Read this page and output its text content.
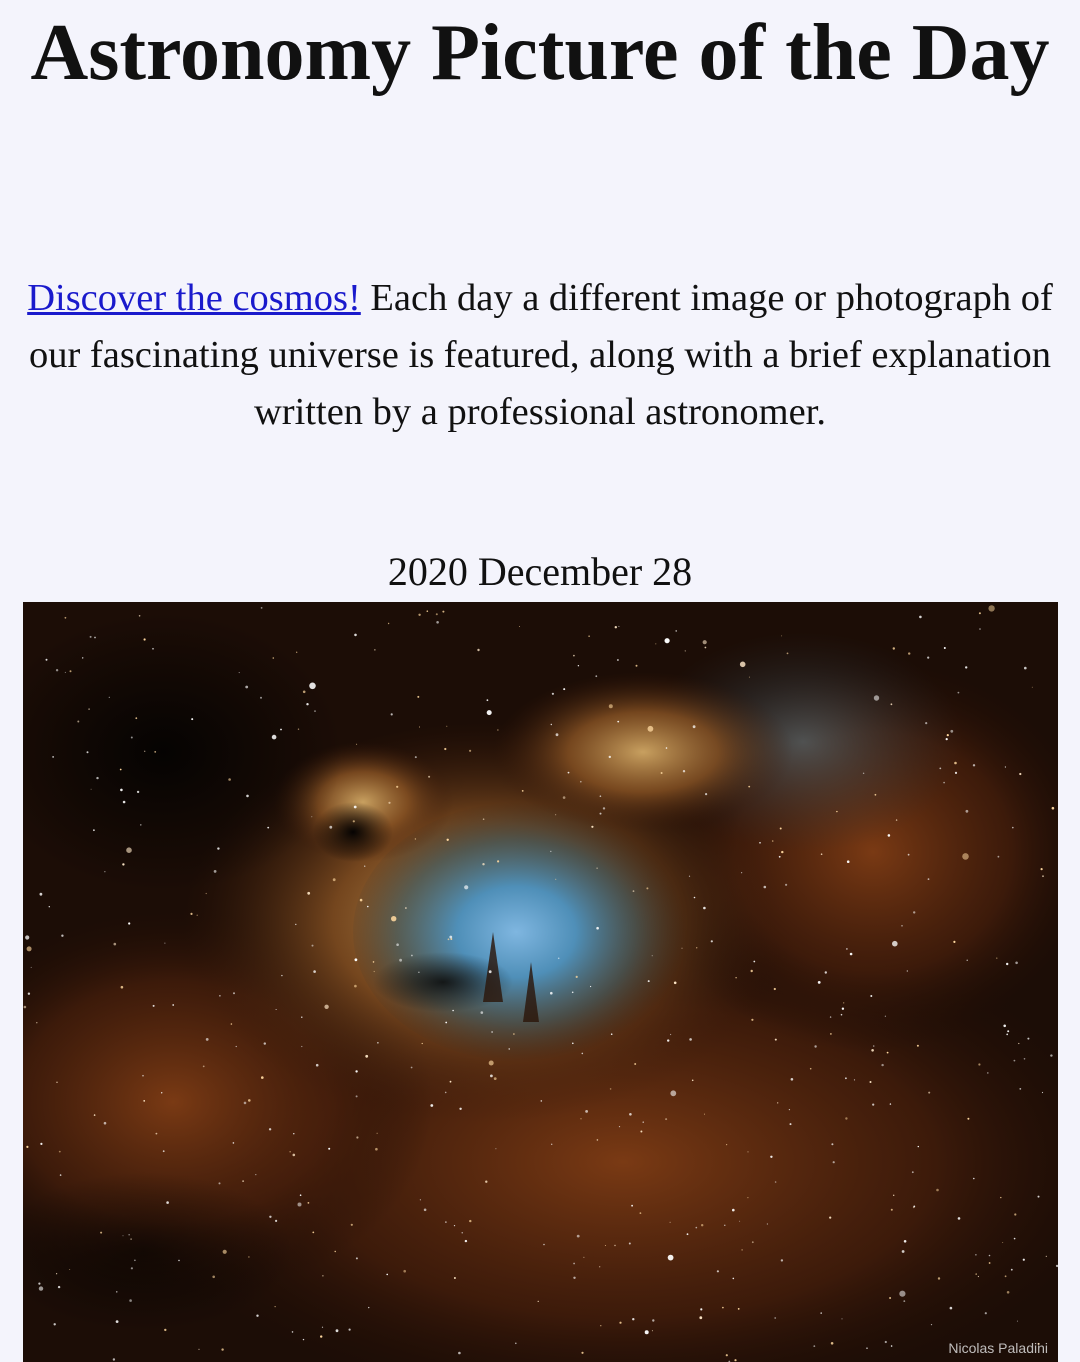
Astronomy Picture of the Day

Discover the cosmos! Each day a different image or photograph of our fascinating universe is featured, along with a brief explanation written by a professional astronomer.

2020 December 28
Nicolas Paladini
